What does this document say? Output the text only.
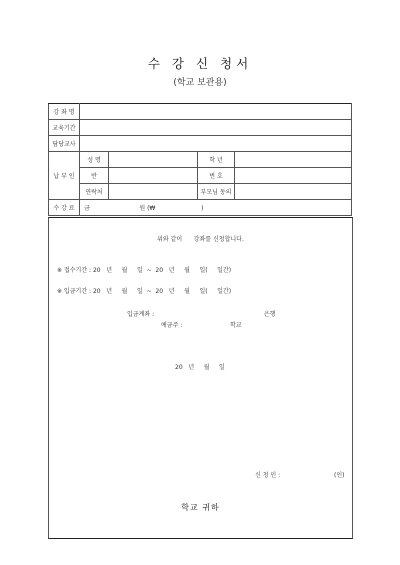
수 강 신 청서
(학교 보관용)
강 좌 명				
교육기간				
담당교사				
납 부 인	성 명		학 년	
	반		번 호	
	연락처		부모님 동의	
수 강 료	금                          원 (₩                        )			
위와 같이      강좌를 신청합니다.
※ 접수기간 : 20   년     월     일  ~  20   년     월     일(     일간)
※ 입금기간 : 20   년     월     일  ~  20   년     월     일(     일간)
입금계좌 :	은행
예금주 :	학교
20   년     월     일
신 청 인 :	(인)
학교 귀하
